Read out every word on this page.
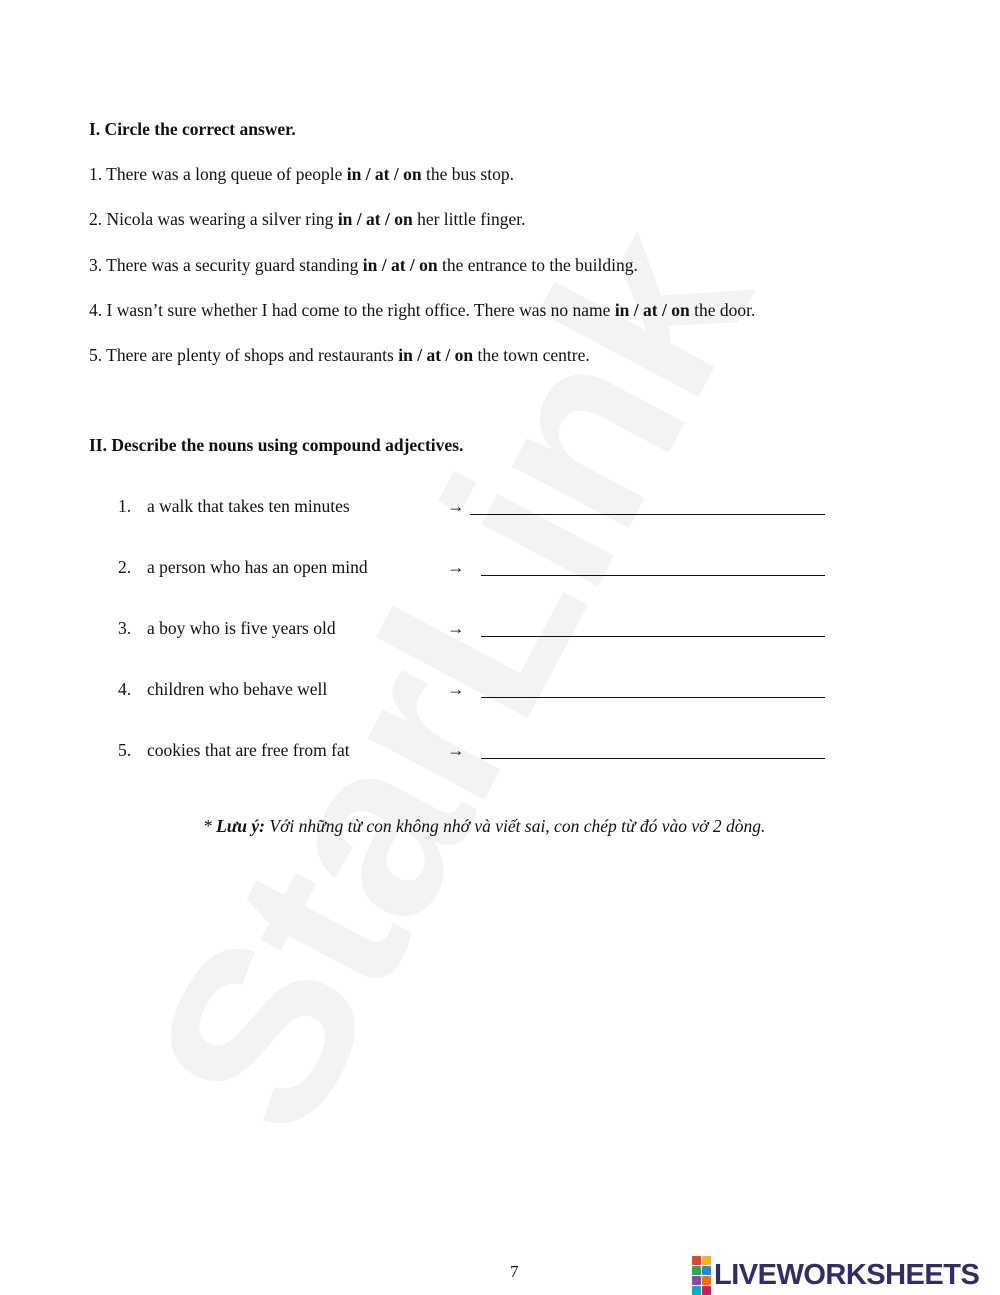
I. Circle the correct answer.
1. There was a long queue of people in / at / on the bus stop.
2. Nicola was wearing a silver ring in / at / on her little finger.
3. There was a security guard standing in / at / on the entrance to the building.
4. I wasn’t sure whether I had come to the right office. There was no name in / at / on the door.
5. There are plenty of shops and restaurants in / at / on the town centre.
II. Describe the nouns using compound adjectives.
1. a walk that takes ten minutes	→
2. a person who has an open mind	→
3. a boy who is five years old	→
4. children who behave well	→
5. cookies that are free from fat	→
* Lưu ý: Với những từ con không nhớ và viết sai, con chép từ đó vào vở 2 dòng.
7	LIVEWORKSHEETS
